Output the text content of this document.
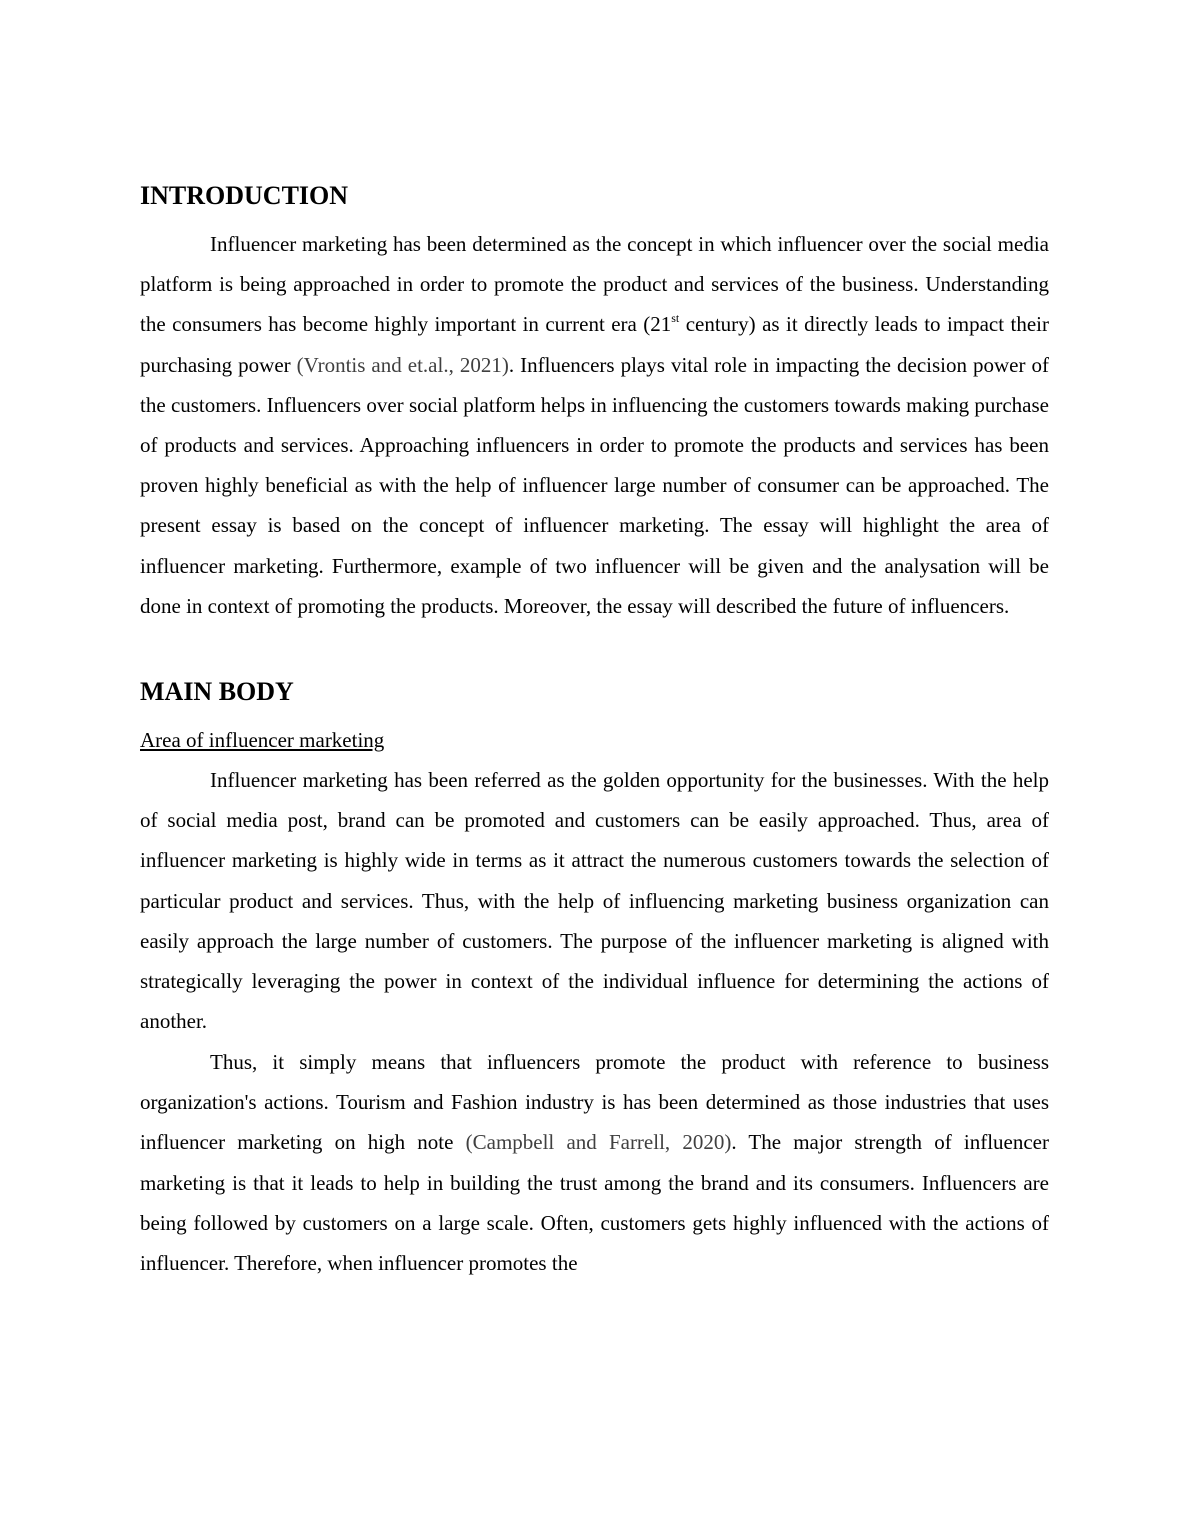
INTRODUCTION

Influencer marketing has been determined as the concept in which influencer over the social media platform is being approached in order to promote the product and services of the business. Understanding the consumers has become highly important in current era (21st century) as it directly leads to impact their purchasing power (Vrontis and et.al., 2021). Influencers plays vital role in impacting the decision power of the customers. Influencers over social platform helps in influencing the customers towards making purchase of products and services. Approaching influencers in order to promote the products and services has been proven highly beneficial as with the help of influencer large number of consumer can be approached. The present essay is based on the concept of influencer marketing. The essay will highlight the area of influencer marketing. Furthermore, example of two influencer will be given and the analysation will be done in context of promoting the products. Moreover, the essay will described the future of influencers.

MAIN BODY
Area of influencer marketing

Influencer marketing has been referred as the golden opportunity for the businesses. With the help of social media post, brand can be promoted and customers can be easily approached. Thus, area of influencer marketing is highly wide in terms as it attract the numerous customers towards the selection of particular product and services. Thus, with the help of influencing marketing business organization can easily approach the large number of customers. The purpose of the influencer marketing is aligned with strategically leveraging the power in context of the individual influence for determining the actions of another.

Thus, it simply means that influencers promote the product with reference to business organization's actions. Tourism and Fashion industry is has been determined as those industries that uses influencer marketing on high note (Campbell and Farrell, 2020). The major strength of influencer marketing is that it leads to help in building the trust among the brand and its consumers. Influencers are being followed by customers on a large scale. Often, customers gets highly influenced with the actions of influencer. Therefore, when influencer promotes the
